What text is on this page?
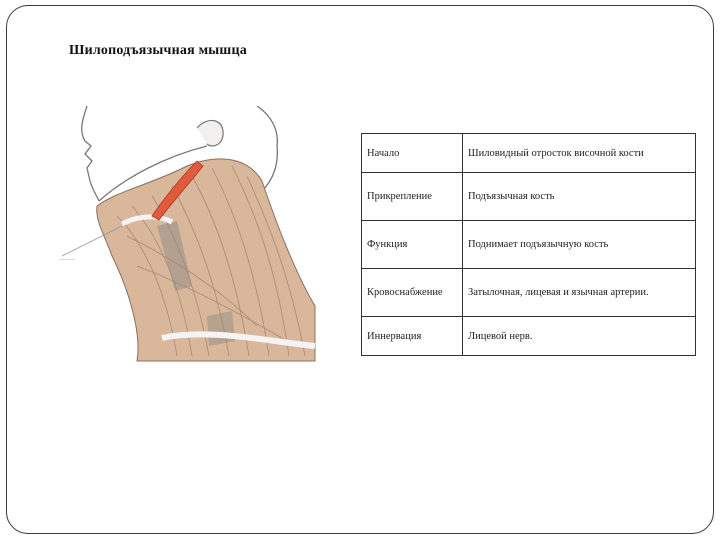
Шилоподъязычная мышца
————
Начало	Шиловидный отросток височной кости
Прикрепление	Подъязычная кость
Функция	Поднимает подъязычную кость
Кровоснабжение	Затылочная, лицевая и язычная артерии.
Иннервация	Лицевой нерв.
